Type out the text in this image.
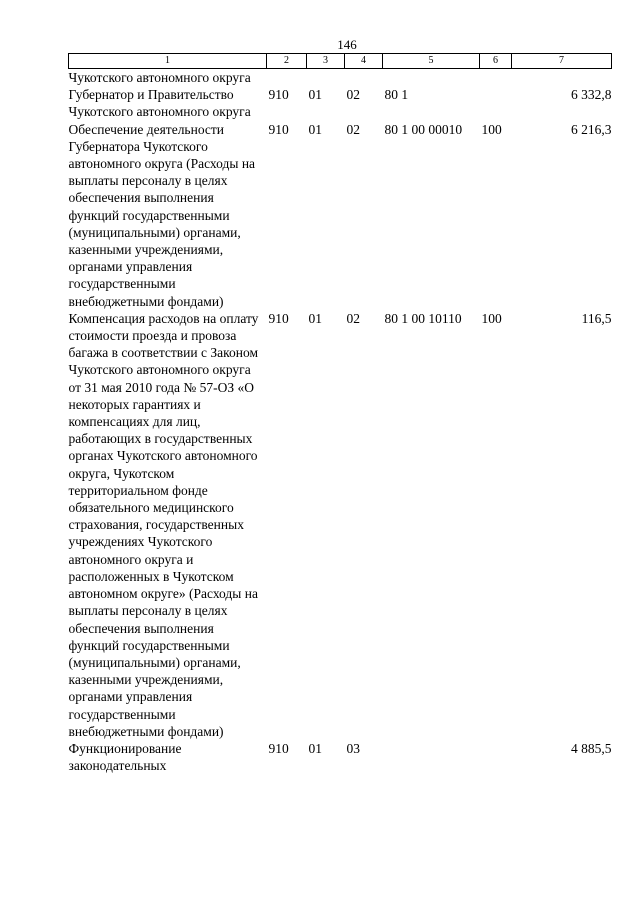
146
1	2	3	4	5	6	7
Чукотского автономного округа						
Губернатор и Правительство Чукотского автономного округа	910	01	02	80 1		6 332,8
Обеспечение деятельности Губернатора Чукотского автономного округа (Расходы на выплаты персоналу в целях обеспечения выполнения функций государственными (муниципальными) органами, казенными учреждениями, органами управления государственными внебюджетными фондами)	910	01	02	80 1 00 00010	100	6 216,3
Компенсация расходов на оплату стоимости проезда и провоза багажа в соответствии с Законом Чукотского автономного округа от 31 мая 2010 года № 57-ОЗ «О некоторых гарантиях и компенсациях для лиц, работающих в государственных органах Чукотского автономного округа, Чукотском территориальном фонде обязательного медицинского страхования, государственных учреждениях Чукотского автономного округа и расположенных в Чукотском автономном округе» (Расходы на выплаты персоналу в целях обеспечения выполнения функций государственными (муниципальными) органами, казенными учреждениями, органами управления государственными внебюджетными фондами)	910	01	02	80 1 00 10110	100	116,5
Функционирование законодательных	910	01	03			4 885,5
